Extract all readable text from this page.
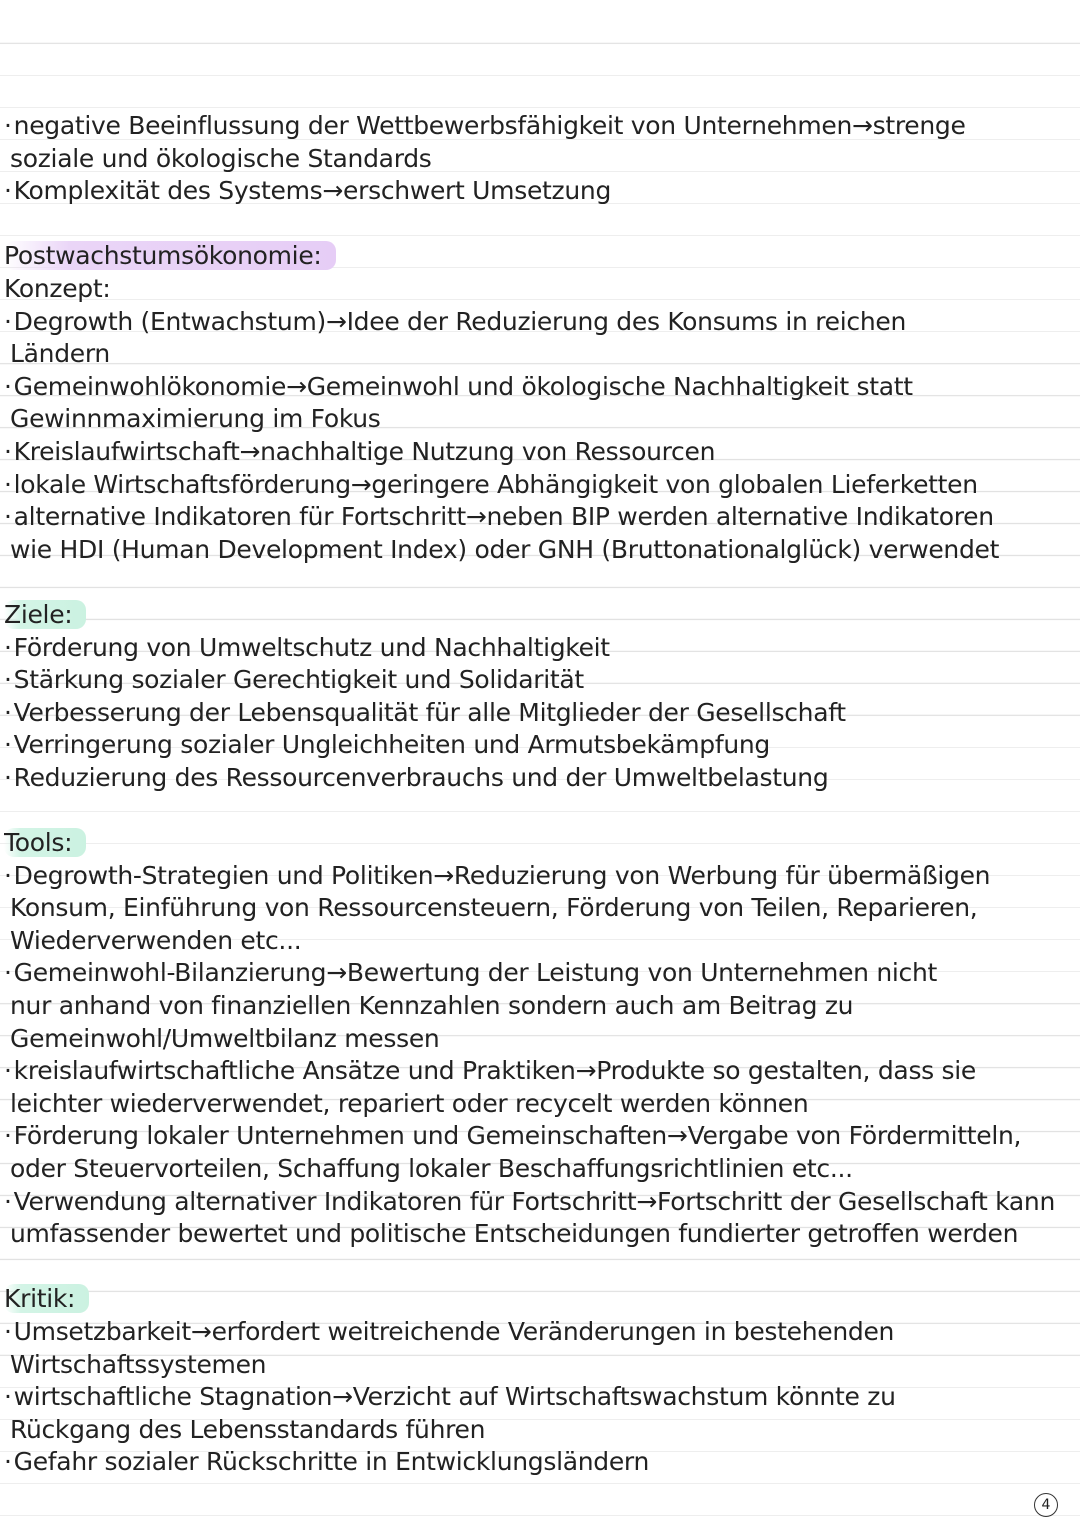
· negative Beeinflussung der Wettbewerbsfähigkeit von Unternehmen→strenge
soziale und ökologische Standards
· Komplexität des Systems→erschwert Umsetzung
Postwachstumsökonomie:
Konzept:
· Degrowth (Entwachstum)→Idee der Reduzierung des Konsums in reichen
Ländern
· Gemeinwohlökonomie→Gemeinwohl und ökologische Nachhaltigkeit statt
Gewinnmaximierung im Fokus
· Kreislaufwirtschaft→nachhaltige Nutzung von Ressourcen
· lokale Wirtschaftsförderung→geringere Abhängigkeit von globalen Lieferketten
· alternative Indikatoren für Fortschritt→neben BIP werden alternative Indikatoren
wie HDI (Human Development Index) oder GNH (Bruttonationalglück) verwendet
Ziele:
· Förderung von Umweltschutz und Nachhaltigkeit
· Stärkung sozialer Gerechtigkeit und Solidarität
· Verbesserung der Lebensqualität für alle Mitglieder der Gesellschaft
· Verringerung sozialer Ungleichheiten und Armutsbekämpfung
· Reduzierung des Ressourcenverbrauchs und der Umweltbelastung
Tools:
· Degrowth-Strategien und Politiken→Reduzierung von Werbung für übermäßigen
Konsum, Einführung von Ressourcensteuern, Förderung von Teilen, Reparieren,
Wiederverwenden etc...
· Gemeinwohl-Bilanzierung→Bewertung der Leistung von Unternehmen nicht
nur anhand von finanziellen Kennzahlen sondern auch am Beitrag zu
Gemeinwohl/Umweltbilanz messen
· kreislaufwirtschaftliche Ansätze und Praktiken→Produkte so gestalten, dass sie
leichter wiederverwendet, repariert oder recycelt werden können
· Förderung lokaler Unternehmen und Gemeinschaften→Vergabe von Fördermitteln,
oder Steuervorteilen, Schaffung lokaler Beschaffungsrichtlinien etc...
· Verwendung alternativer Indikatoren für Fortschritt→Fortschritt der Gesellschaft kann
umfassender bewertet und politische Entscheidungen fundierter getroffen werden
Kritik:
· Umsetzbarkeit→erfordert weitreichende Veränderungen in bestehenden
Wirtschaftssystemen
· wirtschaftliche Stagnation→Verzicht auf Wirtschaftswachstum könnte zu
Rückgang des Lebensstandards führen
· Gefahr sozialer Rückschritte in Entwicklungsländern
4
